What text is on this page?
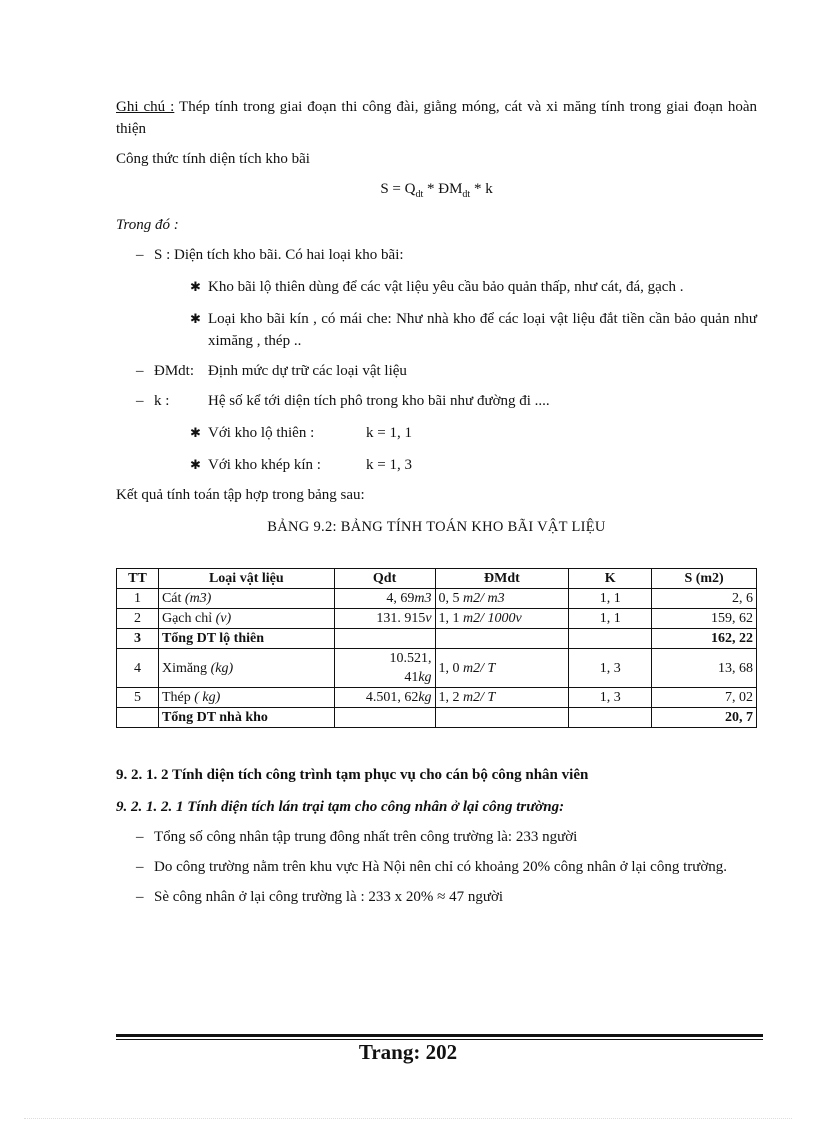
Ghi chú : Thép tính trong giai đoạn thi công đài, giằng móng, cát và xi măng tính trong giai đoạn hoàn thiện

Công thức tính diện tích kho bãi

$S = Q_{dt}$ * $ĐM_{dt}$ * k

Trong đó :

– S : Diện tích kho bãi. Có hai loại kho bãi:
✱ Kho bãi lộ thiên dùng để các vật liệu yêu cầu bảo quản thấp, như cát, đá, gạch .
✱ Loại kho bãi kín , có mái che: Như nhà kho để các loại vật liệu đắt tiền cần bảo quản như ximăng , thép ..
– ĐMdt: Định mức dự trữ các loại vật liệu
– k :	Hệ số kể tới diện tích phô trong kho bãi như đường đi ....
✱ Với kho lộ thiên :	k = 1, 1
✱ Với kho khép kín :	k = 1, 3

Kết quả tính toán tập hợp trong bảng sau:

BẢNG 9.2: BẢNG TÍNH TOÁN KHO BÃI VẬT LIỆU

TT	Loại vật liệu	Qdt	ĐMdt	K	S (m2)
1	Cát (m3)	4, 69m3	0, 5 m2/ m3	1, 1	2, 6
2	Gạch chỉ (v)	131. 915v	1, 1 m2/ 1000v	1, 1	159, 62
3	Tổng DT lộ thiên				162, 22
4	Ximăng (kg)	10.521,
41kg	1, 0 m2/ T	1, 3	13, 68
5	Thép ( kg)	4.501, 62kg	1, 2 m2/ T	1, 3	7, 02
	Tổng DT nhà kho				20, 7

9. 2. 1. 2 Tính diện tích công trình tạm phục vụ cho cán bộ công nhân viên

9. 2. 1. 2. 1 Tính diện tích lán trại tạm cho công nhân ở lại công trường:

– Tổng số công nhân tập trung đông nhất trên công trường là: 233 người
– Do công trường nằm trên khu vực Hà Nội nên chỉ có khoảng 20% công nhân ở lại công trường.
– Sè công nhân ở lại công trường là : 233 x 20% ≈ 47 người
Trang: 202
